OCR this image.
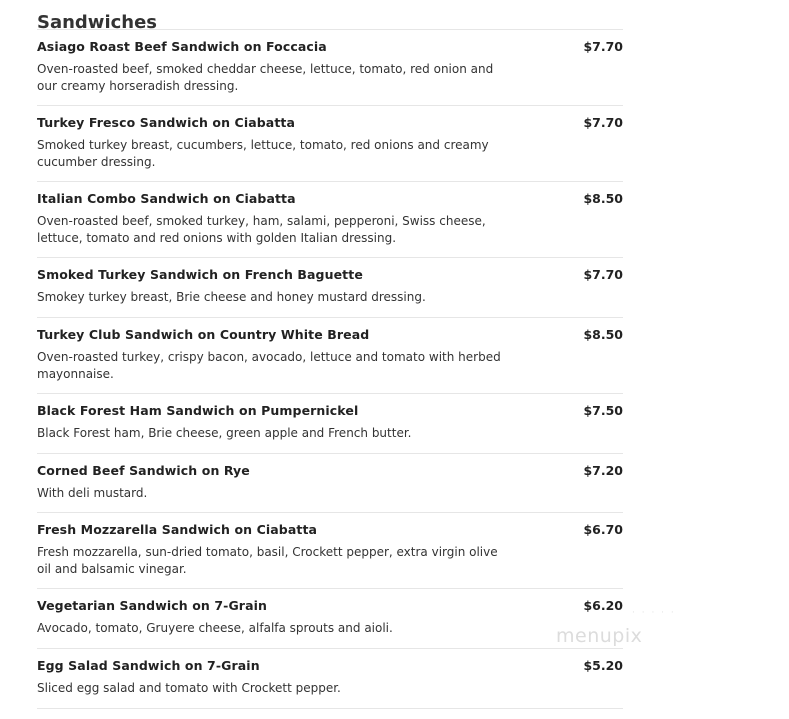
Sandwiches
Asiago Roast Beef Sandwich on Foccacia	$7.70
Oven-roasted beef, smoked cheddar cheese, lettuce, tomato, red onion and our creamy horseradish dressing.
Turkey Fresco Sandwich on Ciabatta	$7.70
Smoked turkey breast, cucumbers, lettuce, tomato, red onions and creamy cucumber dressing.
Italian Combo Sandwich on Ciabatta	$8.50
Oven-roasted beef, smoked turkey, ham, salami, pepperoni, Swiss cheese, lettuce, tomato and red onions with golden Italian dressing.
Smoked Turkey Sandwich on French Baguette	$7.70
Smokey turkey breast, Brie cheese and honey mustard dressing.
Turkey Club Sandwich on Country White Bread	$8.50
Oven-roasted turkey, crispy bacon, avocado, lettuce and tomato with herbed mayonnaise.
Black Forest Ham Sandwich on Pumpernickel	$7.50
Black Forest ham, Brie cheese, green apple and French butter.
Corned Beef Sandwich on Rye	$7.20
With deli mustard.
Fresh Mozzarella Sandwich on Ciabatta	$6.70
Fresh mozzarella, sun-dried tomato, basil, Crockett pepper, extra virgin olive oil and balsamic vinegar.
Vegetarian Sandwich on 7-Grain	$6.20
Avocado, tomato, Gruyere cheese, alfalfa sprouts and aioli.
Egg Salad Sandwich on 7-Grain	$5.20
Sliced egg salad and tomato with Crockett pepper.
· · · · ·
menupix
